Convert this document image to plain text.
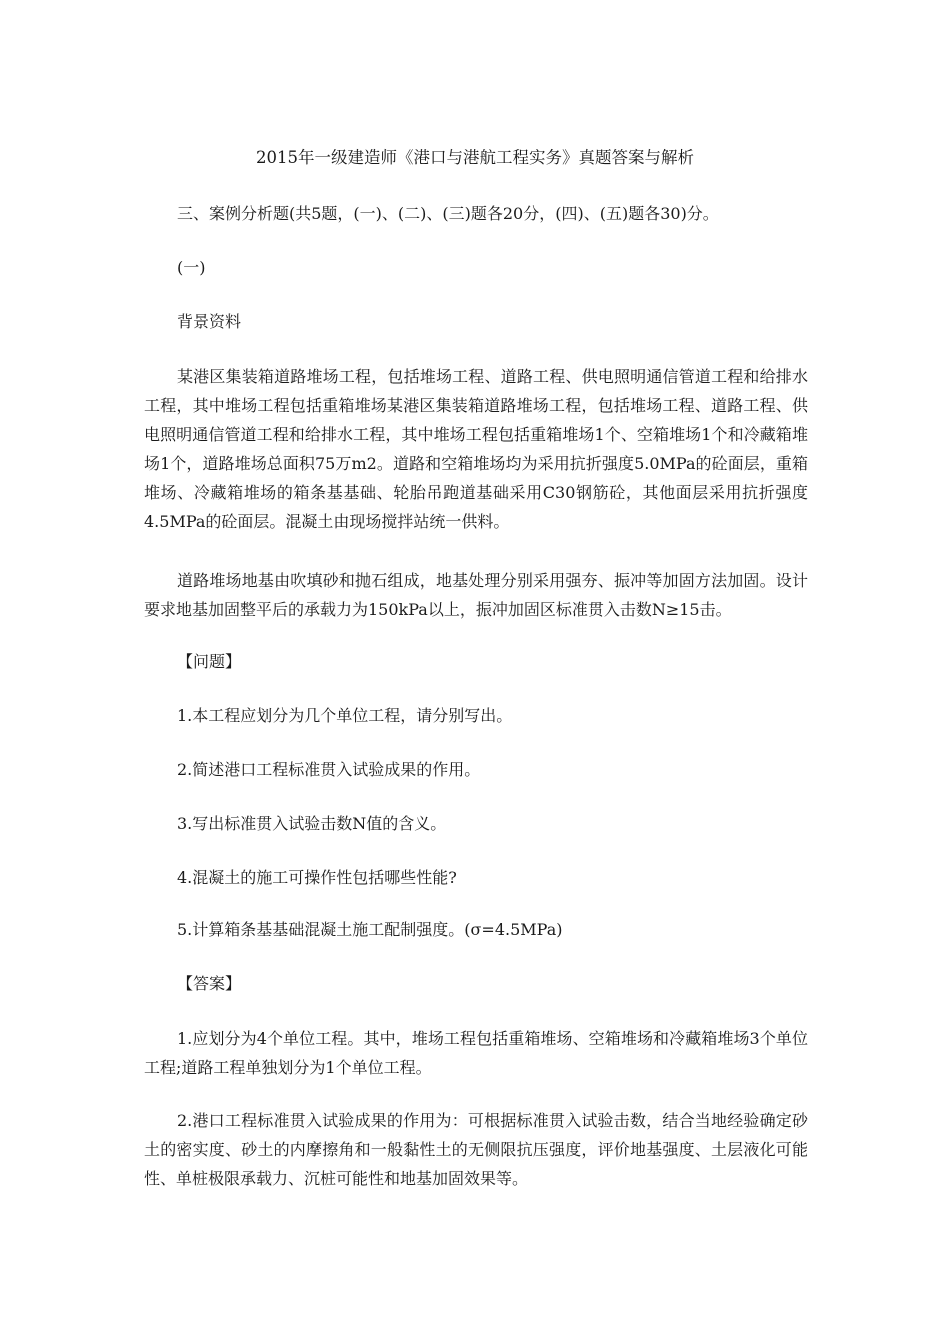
2015年一级建造师《港口与港航工程实务》真题答案与解析

三、案例分析题(共5题，(一)、(二)、(三)题各20分，(四)、(五)题各30)分。

(一)

背景资料

某港区集装箱道路堆场工程，包括堆场工程、道路工程、供电照明通信管道工程和给排水工程，其中堆场工程包括重箱堆场某港区集装箱道路堆场工程，包括堆场工程、道路工程、供电照明通信管道工程和给排水工程，其中堆场工程包括重箱堆场1个、空箱堆场1个和冷藏箱堆场1个，道路堆场总面积75万m2。道路和空箱堆场均为采用抗折强度5.0MPa的砼面层，重箱堆场、冷藏箱堆场的箱条基基础、轮胎吊跑道基础采用C30钢筋砼，其他面层采用抗折强度4.5MPa的砼面层。混凝土由现场搅拌站统一供料。

道路堆场地基由吹填砂和抛石组成，地基处理分别采用强夯、振冲等加固方法加固。设计要求地基加固整平后的承载力为150kPa以上，振冲加固区标准贯入击数N≥15击。

【问题】

1.本工程应划分为几个单位工程，请分别写出。

2.简述港口工程标准贯入试验成果的作用。

3.写出标准贯入试验击数N值的含义。

4.混凝土的施工可操作性包括哪些性能?

5.计算箱条基基础混凝土施工配制强度。(σ=4.5MPa)

【答案】

1.应划分为4个单位工程。其中，堆场工程包括重箱堆场、空箱堆场和冷藏箱堆场3个单位工程;道路工程单独划分为1个单位工程。

2.港口工程标准贯入试验成果的作用为：可根据标准贯入试验击数，结合当地经验确定砂土的密实度、砂土的内摩擦角和一般黏性土的无侧限抗压强度，评价地基强度、土层液化可能性、单桩极限承载力、沉桩可能性和地基加固效果等。
